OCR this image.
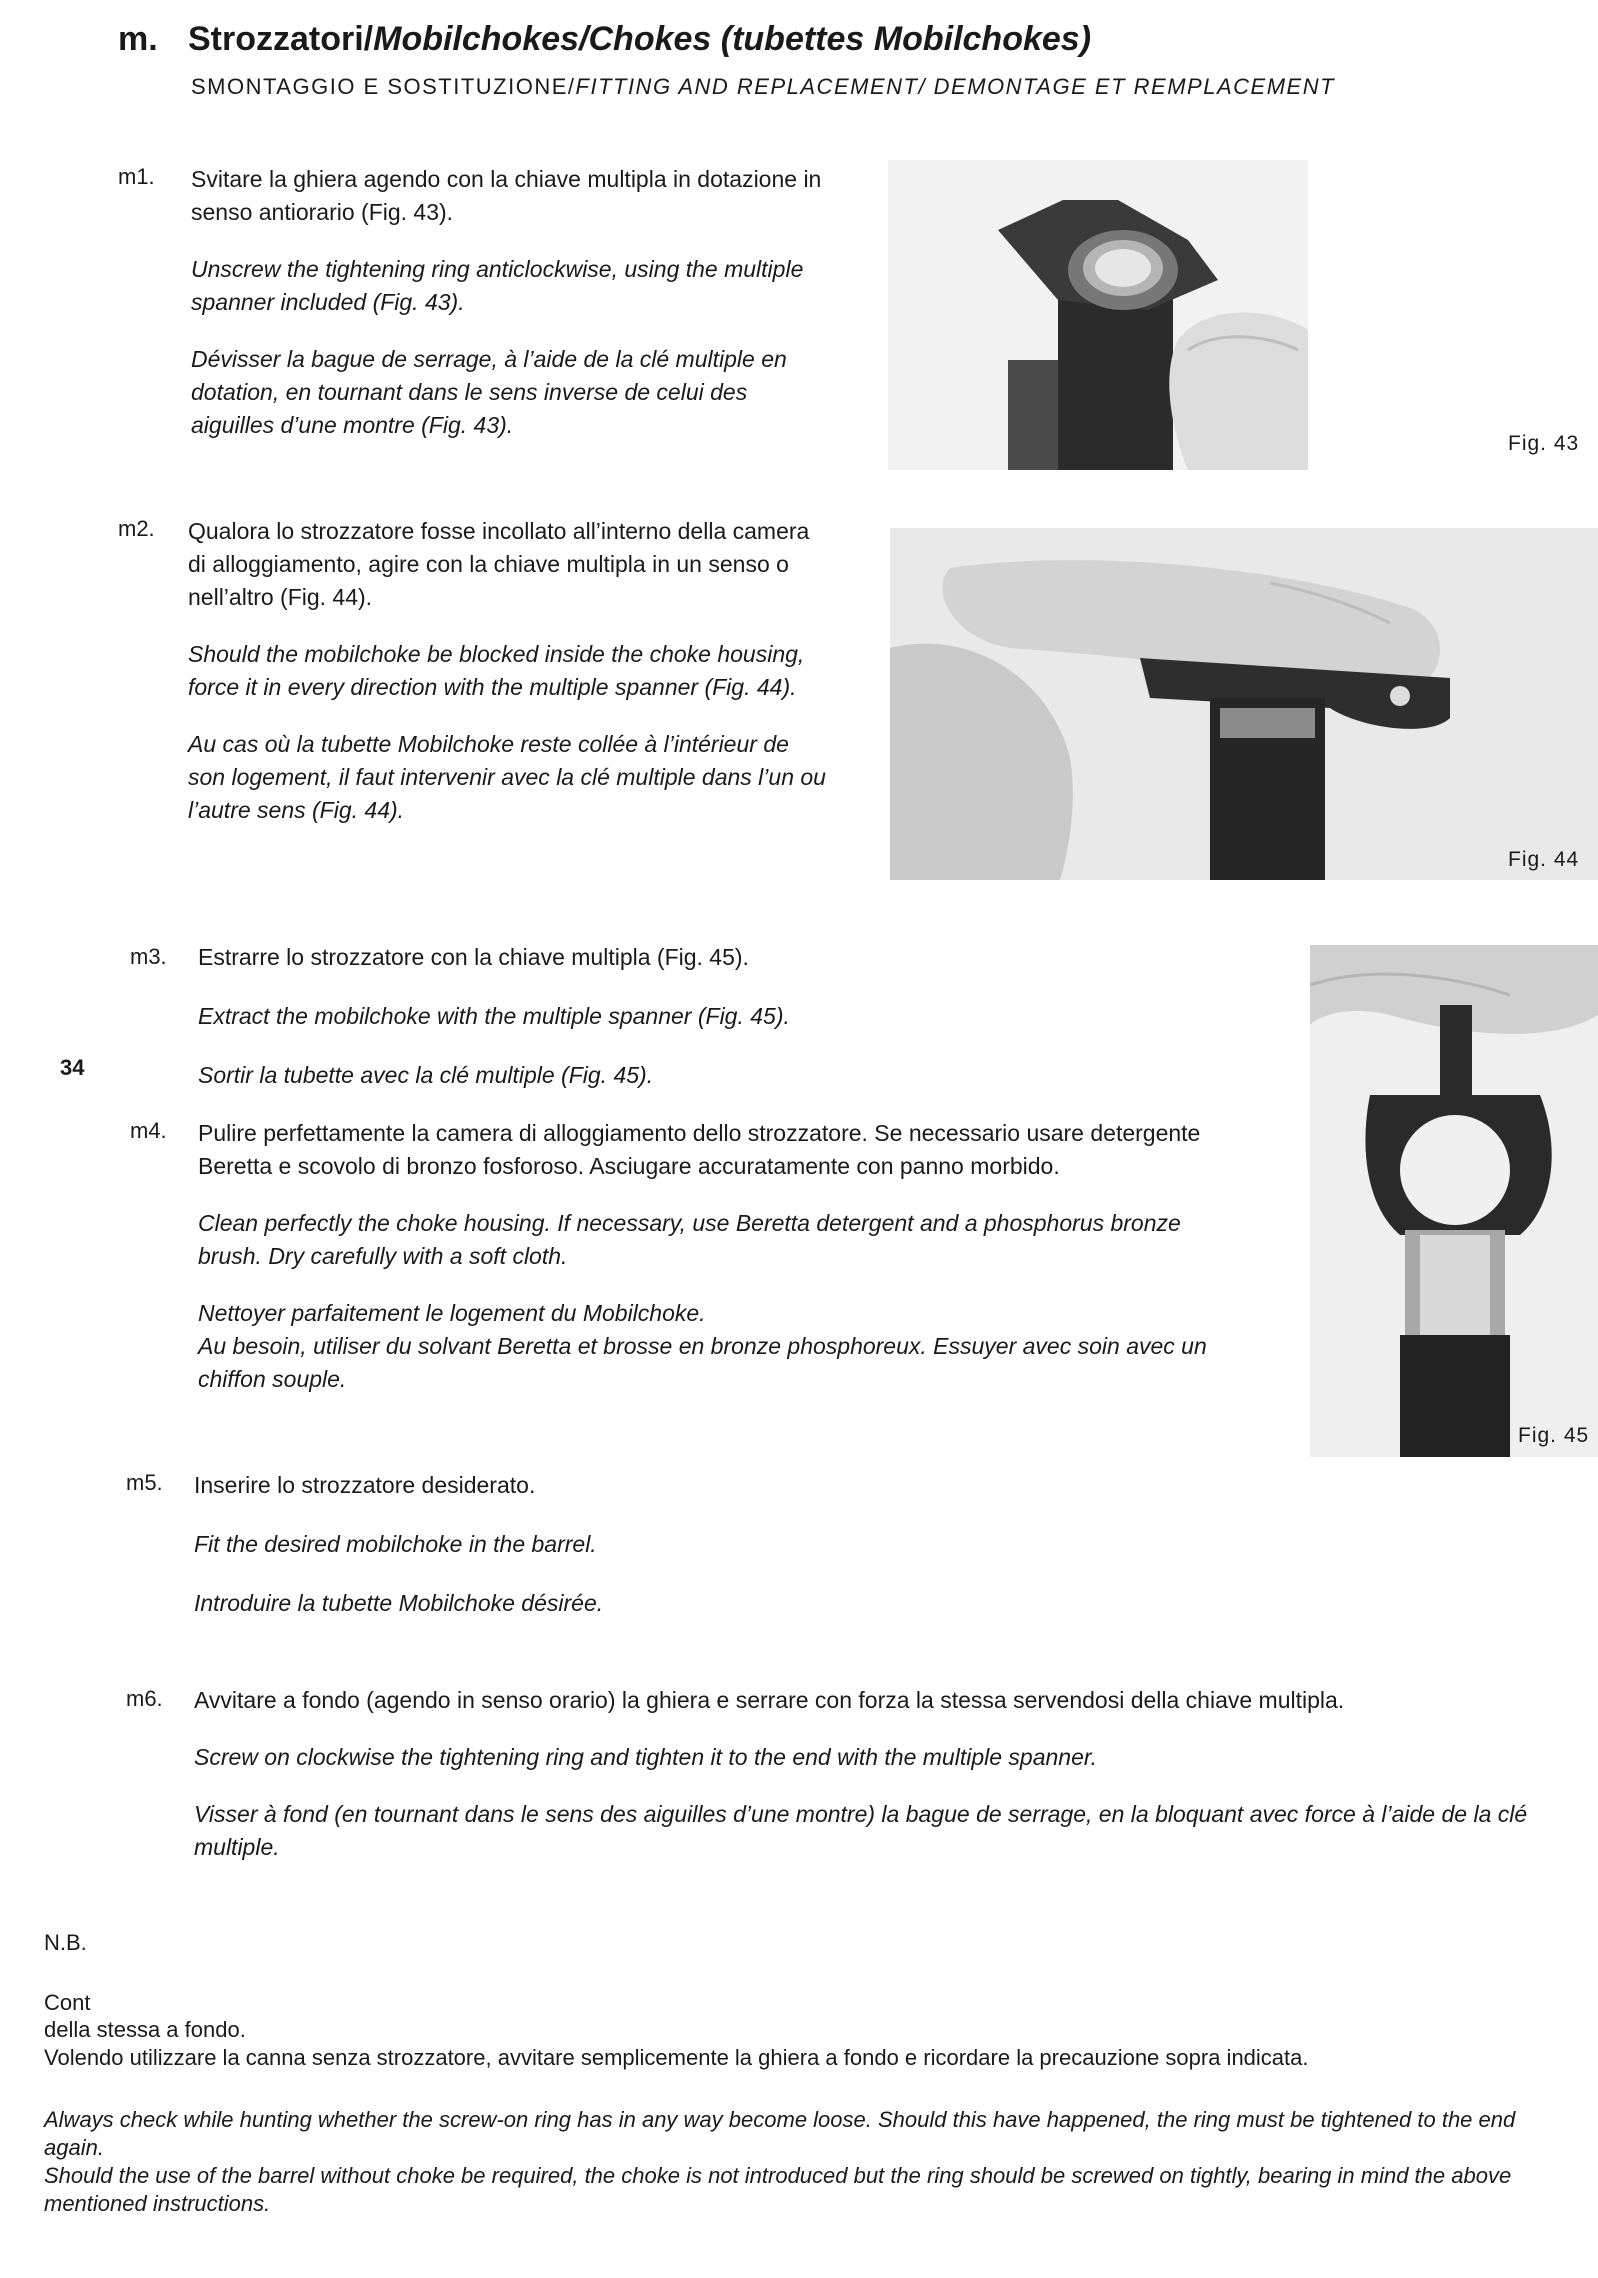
m. Strozzatori/Mobilchokes/Chokes (tubettes Mobilchokes)
SMONTAGGIO E SOSTITUZIONE/FITTING AND REPLACEMENT/ DEMONTAGE ET REMPLACEMENT
m1. Svitare la ghiera agendo con la chiave multipla in dotazione in senso antiorario (Fig. 43).

Unscrew the tightening ring anticlockwise, using the multiple spanner included (Fig. 43).

Dévisser la bague de serrage, à l’aide de la clé multiple en dotation, en tournant dans le sens inverse de celui des aiguilles d’une montre (Fig. 43).

Fig. 43
m2. Qualora lo strozzatore fosse incollato all’interno della camera di alloggiamento, agire con la chiave multipla in un senso o nell’altro (Fig. 44).

Should the mobilchoke be blocked inside the choke housing, force it in every direction with the multiple spanner (Fig. 44).

Au cas où la tubette Mobilchoke reste collée à l’intérieur de son logement, il faut intervenir avec la clé multiple dans l’un ou l’autre sens (Fig. 44).

Fig. 44
m3. Estrarre lo strozzatore con la chiave multipla (Fig. 45).

Extract the mobilchoke with the multiple spanner (Fig. 45).

Sortir la tubette avec la clé multiple (Fig. 45).

34
m4. Pulire perfettamente la camera di alloggiamento dello strozzatore. Se necessario usare detergente Beretta e scovolo di bronzo fosforoso. Asciugare accuratamente con panno morbido.

Clean perfectly the choke housing. If necessary, use Beretta detergent and a phosphorus bronze brush. Dry carefully with a soft cloth.

Nettoyer parfaitement le logement du Mobilchoke.

Au besoin, utiliser du solvant Beretta et brosse en bronze phosphoreux. Essuyer avec soin avec un chiffon souple.

Fig. 45
m5. Inserire lo strozzatore desiderato.

Fit the desired mobilchoke in the barrel.

Introduire la tubette Mobilchoke désirée.

m6. Avvitare a fondo (agendo in senso orario) la ghiera e serrare con forza la stessa servendosi della chiave multipla.

Screw on clockwise the tightening ring and tighten it to the end with the multiple spanner.

Visser à fond (en tournant dans le sens des aiguilles d’une montre) la bague de serrage, en la bloquant avec force à l’aide de la clé multiple.

N.B.
Cont

della stessa a fondo.

Volendo utilizzare la canna senza strozzatore, avvitare semplicemente la ghiera a fondo e ricordare la precauzione sopra indicata.

Always check while hunting whether the screw-on ring has in any way become loose. Should this have happened, the ring must be tightened to the end again.

Should the use of the barrel without choke be required, the choke is not introduced but the ring should be screwed on tightly, bearing in mind the above mentioned instructions.
